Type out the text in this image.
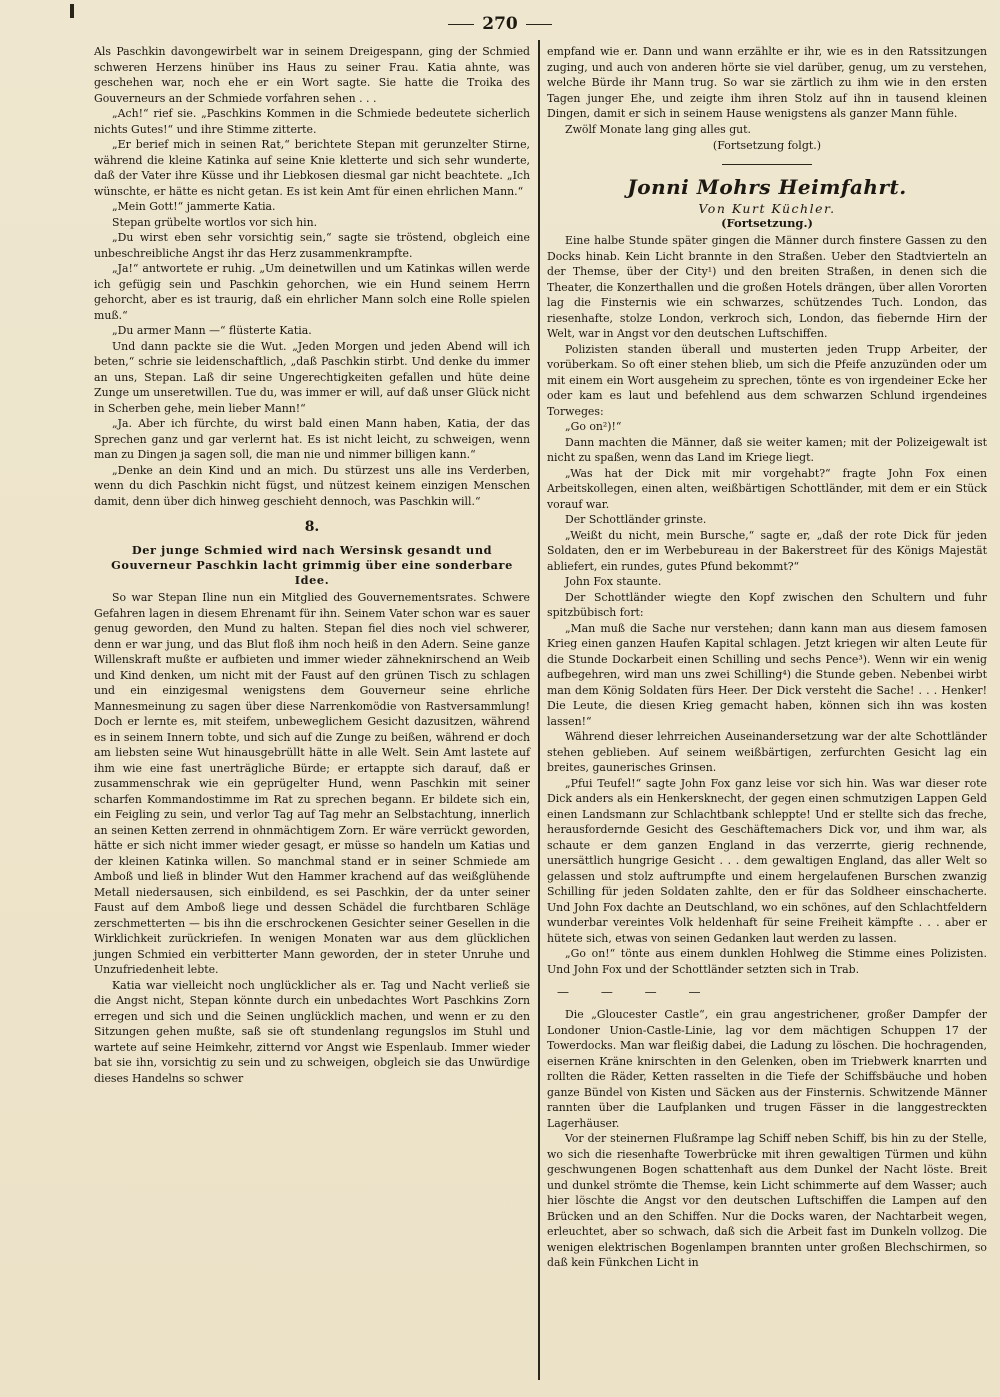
270

Als Paschkin davongewirbelt war in seinem Dreigespann, ging der Schmied schweren Herzens hinüber ins Haus zu seiner Frau. Katia ahnte, was geschehen war, noch ehe er ein Wort sagte. Sie hatte die Troika des Gouverneurs an der Schmiede vorfahren sehen . . .

„Ach!“ rief sie. „Paschkins Kommen in die Schmiede bedeutete sicherlich nichts Gutes!“ und ihre Stimme zitterte.

„Er berief mich in seinen Rat,“ berichtete Stepan mit gerunzelter Stirne, während die kleine Katinka auf seine Knie kletterte und sich sehr wunderte, daß der Vater ihre Küsse und ihr Liebkosen diesmal gar nicht beachtete. „Ich wünschte, er hätte es nicht getan. Es ist kein Amt für einen ehrlichen Mann.“

„Mein Gott!“ jammerte Katia.

Stepan grübelte wortlos vor sich hin.

„Du wirst eben sehr vorsichtig sein,“ sagte sie tröstend, obgleich eine unbeschreibliche Angst ihr das Herz zusammenkrampfte.

„Ja!“ antwortete er ruhig. „Um deinetwillen und um Katinkas willen werde ich gefügig sein und Paschkin gehorchen, wie ein Hund seinem Herrn gehorcht, aber es ist traurig, daß ein ehrlicher Mann solch eine Rolle spielen muß.“

„Du armer Mann —“ flüsterte Katia.

Und dann packte sie die Wut. „Jeden Morgen und jeden Abend will ich beten,“ schrie sie leidenschaftlich, „daß Paschkin stirbt. Und denke du immer an uns, Stepan. Laß dir seine Ungerechtigkeiten gefallen und hüte deine Zunge um unseretwillen. Tue du, was immer er will, auf daß unser Glück nicht in Scherben gehe, mein lieber Mann!“

„Ja. Aber ich fürchte, du wirst bald einen Mann haben, Katia, der das Sprechen ganz und gar verlernt hat. Es ist nicht leicht, zu schweigen, wenn man zu Dingen ja sagen soll, die man nie und nimmer billigen kann.“

„Denke an dein Kind und an mich. Du stürzest uns alle ins Verderben, wenn du dich Paschkin nicht fügst, und nützest keinem einzigen Menschen damit, denn über dich hinweg geschieht dennoch, was Paschkin will.“

8.
Der junge Schmied wird nach Wersinsk gesandt und Gouverneur Paschkin lacht grimmig über eine sonderbare Idee.

So war Stepan Iline nun ein Mitglied des Gouvernementsrates. Schwere Gefahren lagen in diesem Ehrenamt für ihn. Seinem Vater schon war es sauer genug geworden, den Mund zu halten. Stepan fiel dies noch viel schwerer, denn er war jung, und das Blut floß ihm noch heiß in den Adern. Seine ganze Willenskraft mußte er aufbieten und immer wieder zähneknirschend an Weib und Kind denken, um nicht mit der Faust auf den grünen Tisch zu schlagen und ein einzigesmal wenigstens dem Gouverneur seine ehrliche Mannesmeinung zu sagen über diese Narrenkomödie von Rastversammlung! Doch er lernte es, mit steifem, unbeweglichem Gesicht dazusitzen, während es in seinem Innern tobte, und sich auf die Zunge zu beißen, während er doch am liebsten seine Wut hinausgebrüllt hätte in alle Welt. Sein Amt lastete auf ihm wie eine fast unerträgliche Bürde; er ertappte sich darauf, daß er zusammenschrak wie ein geprügelter Hund, wenn Paschkin mit seiner scharfen Kommandostimme im Rat zu sprechen begann. Er bildete sich ein, ein Feigling zu sein, und verlor Tag auf Tag mehr an Selbstachtung, innerlich an seinen Ketten zerrend in ohnmächtigem Zorn. Er wäre verrückt geworden, hätte er sich nicht immer wieder gesagt, er müsse so handeln um Katias und der kleinen Katinka willen. So manchmal stand er in seiner Schmiede am Amboß und ließ in blinder Wut den Hammer krachend auf das weißglühende Metall niedersausen, sich einbildend, es sei Paschkin, der da unter seiner Faust auf dem Amboß liege und dessen Schädel die furchtbaren Schläge zerschmetterten — bis ihn die erschrockenen Gesichter seiner Gesellen in die Wirklichkeit zurückriefen. In wenigen Monaten war aus dem glücklichen jungen Schmied ein verbitterter Mann geworden, der in steter Unruhe und Unzufriedenheit lebte.

Katia war vielleicht noch unglücklicher als er. Tag und Nacht verließ sie die Angst nicht, Stepan könnte durch ein unbedachtes Wort Paschkins Zorn erregen und sich und die Seinen unglücklich machen, und wenn er zu den Sitzungen gehen mußte, saß sie oft stundenlang regungslos im Stuhl und wartete auf seine Heimkehr, zitternd vor Angst wie Espenlaub. Immer wieder bat sie ihn, vorsichtig zu sein und zu schweigen, obgleich sie das Unwürdige dieses Handelns so schwer

empfand wie er. Dann und wann erzählte er ihr, wie es in den Ratssitzungen zuging, und auch von anderen hörte sie viel darüber, genug, um zu verstehen, welche Bürde ihr Mann trug. So war sie zärtlich zu ihm wie in den ersten Tagen junger Ehe, und zeigte ihm ihren Stolz auf ihn in tausend kleinen Dingen, damit er sich in seinem Hause wenigstens als ganzer Mann fühle.

Zwölf Monate lang ging alles gut.

(Fortsetzung folgt.)
Jonni Mohrs Heimfahrt.
Von Kurt Küchler.
(Fortsetzung.)

Eine halbe Stunde später gingen die Männer durch finstere Gassen zu den Docks hinab. Kein Licht brannte in den Straßen. Ueber den Stadtvierteln an der Themse, über der City¹) und den breiten Straßen, in denen sich die Theater, die Konzerthallen und die großen Hotels drängen, über allen Vororten lag die Finsternis wie ein schwarzes, schützendes Tuch. London, das riesenhafte, stolze London, verkroch sich, London, das fiebernde Hirn der Welt, war in Angst vor den deutschen Luftschiffen.

Polizisten standen überall und musterten jeden Trupp Arbeiter, der vorüberkam. So oft einer stehen blieb, um sich die Pfeife anzuzünden oder um mit einem ein Wort ausgeheim zu sprechen, tönte es von irgendeiner Ecke her oder kam es laut und befehlend aus dem schwarzen Schlund irgendeines Torweges:

„Go on²)!“

Dann machten die Männer, daß sie weiter kamen; mit der Polizeigewalt ist nicht zu spaßen, wenn das Land im Kriege liegt.

„Was hat der Dick mit mir vorgehabt?“ fragte John Fox einen Arbeitskollegen, einen alten, weißbärtigen Schottländer, mit dem er ein Stück vorauf war.

Der Schottländer grinste.

„Weißt du nicht, mein Bursche,“ sagte er, „daß der rote Dick für jeden Soldaten, den er im Werbebureau in der Bakerstreet für des Königs Majestät abliefert, ein rundes, gutes Pfund bekommt?“

John Fox staunte.

Der Schottländer wiegte den Kopf zwischen den Schultern und fuhr spitzbübisch fort:

„Man muß die Sache nur verstehen; dann kann man aus diesem famosen Krieg einen ganzen Haufen Kapital schlagen. Jetzt kriegen wir alten Leute für die Stunde Dockarbeit einen Schilling und sechs Pence³). Wenn wir ein wenig aufbegehren, wird man uns zwei Schilling⁴) die Stunde geben. Nebenbei wirbt man dem König Soldaten fürs Heer. Der Dick versteht die Sache! . . . Henker! Die Leute, die diesen Krieg gemacht haben, können sich ihn was kosten lassen!“

Während dieser lehrreichen Auseinandersetzung war der alte Schottländer stehen geblieben. Auf seinem weißbärtigen, zerfurchten Gesicht lag ein breites, gaunerisches Grinsen.

„Pfui Teufel!“ sagte John Fox ganz leise vor sich hin. Was war dieser rote Dick anders als ein Henkersknecht, der gegen einen schmutzigen Lappen Geld einen Landsmann zur Schlachtbank schleppte! Und er stellte sich das freche, herausfordernde Gesicht des Geschäftemachers Dick vor, und ihm war, als schaute er dem ganzen England in das verzerrte, gierig rechnende, unersättlich hungrige Gesicht . . . dem gewaltigen England, das aller Welt so gelassen und stolz auftrumpfte und einem hergelaufenen Burschen zwanzig Schilling für jeden Soldaten zahlte, den er für das Soldheer einschacherte. Und John Fox dachte an Deutschland, wo ein schönes, auf den Schlachtfeldern wunderbar vereintes Volk heldenhaft für seine Freiheit kämpfte . . . aber er hütete sich, etwas von seinen Gedanken laut werden zu lassen.

„Go on!“ tönte aus einem dunklen Hohlweg die Stimme eines Polizisten. Und John Fox und der Schottländer setzten sich in Trab.

— — — —

Die „Gloucester Castle“, ein grau angestrichener, großer Dampfer der Londoner Union-Castle-Linie, lag vor dem mächtigen Schuppen 17 der Towerdocks. Man war fleißig dabei, die Ladung zu löschen. Die hochragenden, eisernen Kräne knirschten in den Gelenken, oben im Triebwerk knarrten und rollten die Räder, Ketten rasselten in die Tiefe der Schiffsbäuche und hoben ganze Bündel von Kisten und Säcken aus der Finsternis. Schwitzende Männer rannten über die Laufplanken und trugen Fässer in die langgestreckten Lagerhäuser.

Vor der steinernen Flußrampe lag Schiff neben Schiff, bis hin zu der Stelle, wo sich die riesenhafte Towerbrücke mit ihren gewaltigen Türmen und kühn geschwungenen Bogen schattenhaft aus dem Dunkel der Nacht löste. Breit und dunkel strömte die Themse, kein Licht schimmerte auf dem Wasser; auch hier löschte die Angst vor den deutschen Luftschiffen die Lampen auf den Brücken und an den Schiffen. Nur die Docks waren, der Nachtarbeit wegen, erleuchtet, aber so schwach, daß sich die Arbeit fast im Dunkeln vollzog. Die wenigen elektrischen Bogenlampen brannten unter großen Blechschirmen, so daß kein Fünkchen Licht in
